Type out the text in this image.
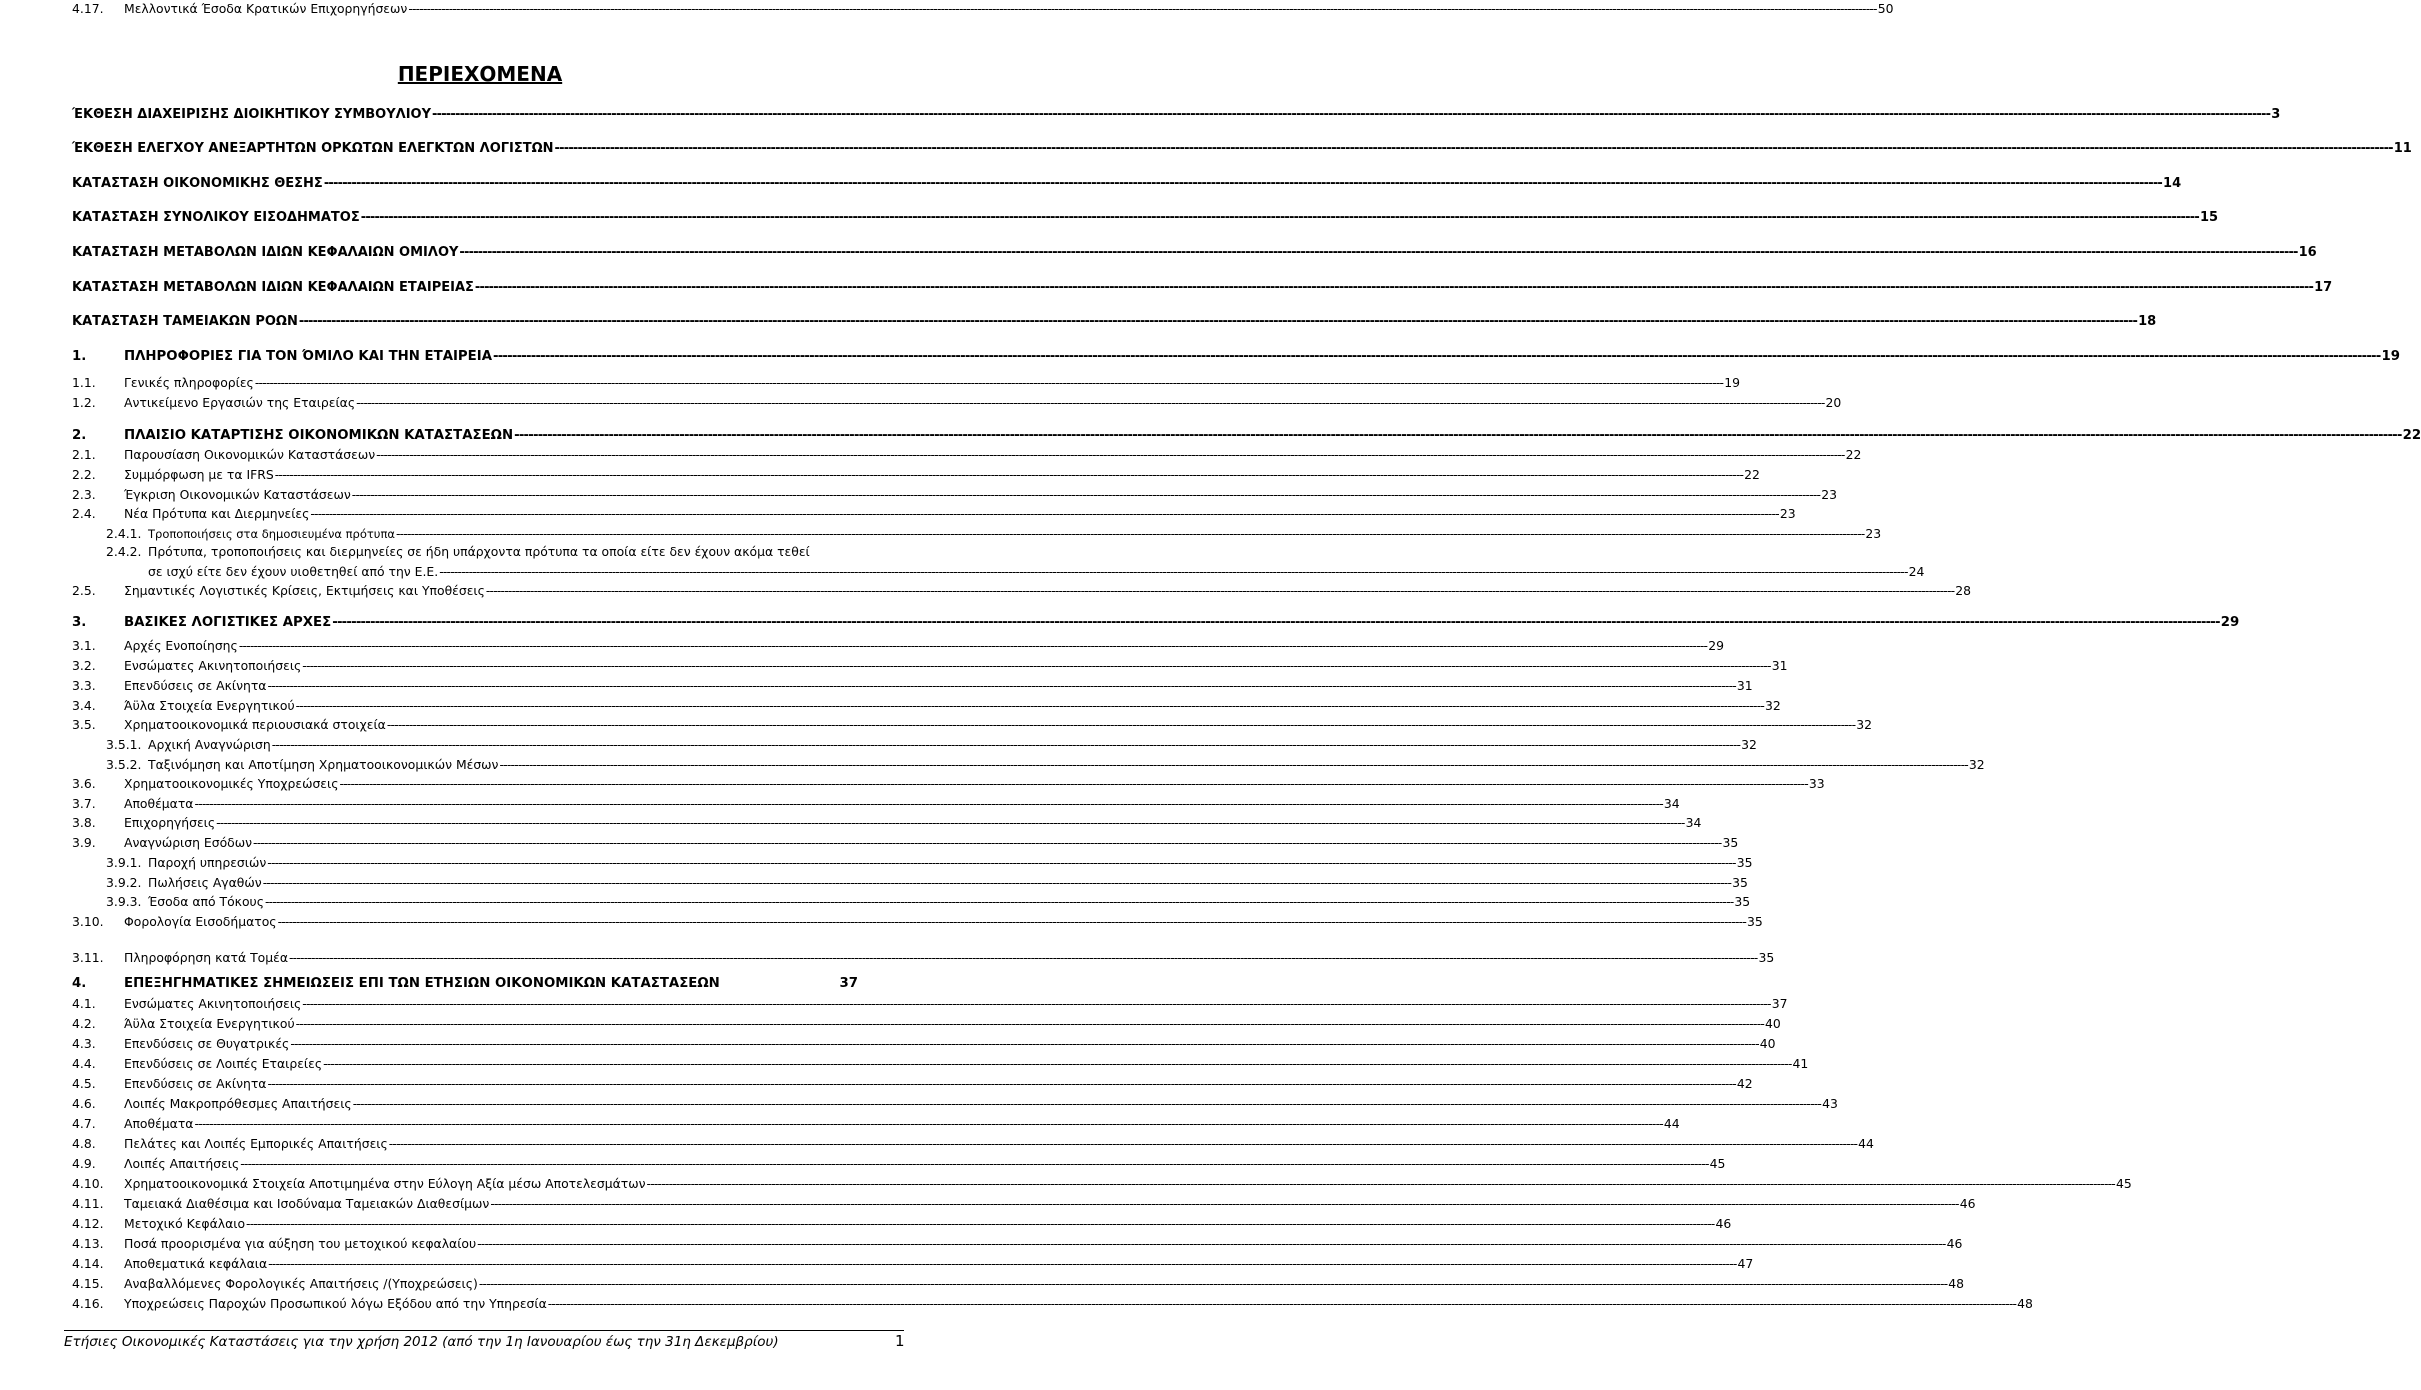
ΠΕΡΙΕΧΟΜΕΝΑ
ΈΚΘΕΣΗ ΔΙΑΧΕΙΡΙΣΗΣ ΔΙΟΙΚΗΤΙΚΟΥ ΣΥΜΒΟΥΛΙΟΥ ---------------------------------------------------------------------------------------------------------------------------------------------------------------------------------------------------------------------------------------------------------------------------------------------------------------------------------------------------------------------------------------------------------------- 3
ΈΚΘΕΣΗ ΕΛΕΓΧΟΥ ΑΝΕΞΑΡΤΗΤΩΝ ΟΡΚΩΤΩΝ ΕΛΕΓΚΤΩΝ ΛΟΓΙΣΤΩΝ ---------------------------------------------------------------------------------------------------------------------------------------------------------------------------------------------------------------------------------------------------------------------------------------------------------------------------------------------------------------------------------------------------------------- 11
ΚΑΤΑΣΤΑΣΗ ΟΙΚΟΝΟΜΙΚΗΣ ΘΕΣΗΣ ---------------------------------------------------------------------------------------------------------------------------------------------------------------------------------------------------------------------------------------------------------------------------------------------------------------------------------------------------------------------------------------------------------------- 14
ΚΑΤΑΣΤΑΣΗ ΣΥΝΟΛΙΚΟΥ ΕΙΣΟΔΗΜΑΤΟΣ ---------------------------------------------------------------------------------------------------------------------------------------------------------------------------------------------------------------------------------------------------------------------------------------------------------------------------------------------------------------------------------------------------------------- 15
ΚΑΤΑΣΤΑΣΗ ΜΕΤΑΒΟΛΩΝ ΙΔΙΩΝ ΚΕΦΑΛΑΙΩΝ ΟΜΙΛΟΥ ---------------------------------------------------------------------------------------------------------------------------------------------------------------------------------------------------------------------------------------------------------------------------------------------------------------------------------------------------------------------------------------------------------------- 16
ΚΑΤΑΣΤΑΣΗ ΜΕΤΑΒΟΛΩΝ ΙΔΙΩΝ ΚΕΦΑΛΑΙΩΝ ΕΤΑΙΡΕΙΑΣ ---------------------------------------------------------------------------------------------------------------------------------------------------------------------------------------------------------------------------------------------------------------------------------------------------------------------------------------------------------------------------------------------------------------- 17
ΚΑΤΑΣΤΑΣΗ ΤΑΜΕΙΑΚΩΝ ΡΟΩΝ ---------------------------------------------------------------------------------------------------------------------------------------------------------------------------------------------------------------------------------------------------------------------------------------------------------------------------------------------------------------------------------------------------------------- 18
1.	ΠΛΗΡΟΦΟΡΙΕΣ ΓΙΑ ΤΟΝ ΌΜΙΛΟ ΚΑΙ ΤΗΝ ΕΤΑΙΡΕΙΑ ---------------------------------------------------------------------------------------------------------------------------------------------------------------------------------------------------------------------------------------------------------------------------------------------------------------------------------------------------------------------------------------------------------------- 19
1.1.	Γενικές πληροφορίες ---------------------------------------------------------------------------------------------------------------------------------------------------------------------------------------------------------------------------------------------------------------------------------------------------------------------------------------------------------------------------------------------------------------- 19
1.2.	Αντικείμενο Εργασιών της Εταιρείας ---------------------------------------------------------------------------------------------------------------------------------------------------------------------------------------------------------------------------------------------------------------------------------------------------------------------------------------------------------------------------------------------------------------- 20
2.	ΠΛΑΙΣΙΟ ΚΑΤΑΡΤΙΣΗΣ ΟΙΚΟΝΟΜΙΚΩΝ ΚΑΤΑΣΤΑΣΕΩΝ ---------------------------------------------------------------------------------------------------------------------------------------------------------------------------------------------------------------------------------------------------------------------------------------------------------------------------------------------------------------------------------------------------------------- 22
2.1.	Παρουσίαση Οικονομικών Καταστάσεων ---------------------------------------------------------------------------------------------------------------------------------------------------------------------------------------------------------------------------------------------------------------------------------------------------------------------------------------------------------------------------------------------------------------- 22
2.2.	Συμμόρφωση με τα IFRS ---------------------------------------------------------------------------------------------------------------------------------------------------------------------------------------------------------------------------------------------------------------------------------------------------------------------------------------------------------------------------------------------------------------- 22
2.3.	Έγκριση Οικονομικών Καταστάσεων ---------------------------------------------------------------------------------------------------------------------------------------------------------------------------------------------------------------------------------------------------------------------------------------------------------------------------------------------------------------------------------------------------------------- 23
2.4.	Νέα Πρότυπα και Διερμηνείες ---------------------------------------------------------------------------------------------------------------------------------------------------------------------------------------------------------------------------------------------------------------------------------------------------------------------------------------------------------------------------------------------------------------- 23
2.4.1. Τροποποιήσεις στα δημοσιευμένα πρότυπα ---------------------------------------------------------------------------------------------------------------------------------------------------------------------------------------------------------------------------------------------------------------------------------------------------------------------------------------------------------------------------------------------------------------- 23
2.4.2. Πρότυπα, τροποποιήσεις και διερμηνείες σε ήδη υπάρχοντα πρότυπα τα οποία είτε δεν έχουν ακόμα τεθεί
σε ισχύ είτε δεν έχουν υιοθετηθεί από την Ε.Ε. ---------------------------------------------------------------------------------------------------------------------------------------------------------------------------------------------------------------------------------------------------------------------------------------------------------------------------------------------------------------------------------------------------------------- 24
2.5.	Σημαντικές Λογιστικές Κρίσεις, Εκτιμήσεις και Υποθέσεις ---------------------------------------------------------------------------------------------------------------------------------------------------------------------------------------------------------------------------------------------------------------------------------------------------------------------------------------------------------------------------------------------------------------- 28
3.	ΒΑΣΙΚΕΣ ΛΟΓΙΣΤΙΚΕΣ ΑΡΧΕΣ ---------------------------------------------------------------------------------------------------------------------------------------------------------------------------------------------------------------------------------------------------------------------------------------------------------------------------------------------------------------------------------------------------------------- 29
3.1.	Αρχές Ενοποίησης ---------------------------------------------------------------------------------------------------------------------------------------------------------------------------------------------------------------------------------------------------------------------------------------------------------------------------------------------------------------------------------------------------------------- 29
3.2.	Ενσώματες Ακινητοποιήσεις ---------------------------------------------------------------------------------------------------------------------------------------------------------------------------------------------------------------------------------------------------------------------------------------------------------------------------------------------------------------------------------------------------------------- 31
3.3.	Επενδύσεις σε Ακίνητα ---------------------------------------------------------------------------------------------------------------------------------------------------------------------------------------------------------------------------------------------------------------------------------------------------------------------------------------------------------------------------------------------------------------- 31
3.4.	Άϋλα Στοιχεία Ενεργητικού ---------------------------------------------------------------------------------------------------------------------------------------------------------------------------------------------------------------------------------------------------------------------------------------------------------------------------------------------------------------------------------------------------------------- 32
3.5.	Χρηματοοικονομικά περιουσιακά στοιχεία ---------------------------------------------------------------------------------------------------------------------------------------------------------------------------------------------------------------------------------------------------------------------------------------------------------------------------------------------------------------------------------------------------------------- 32
3.5.1. Αρχική Αναγνώριση ---------------------------------------------------------------------------------------------------------------------------------------------------------------------------------------------------------------------------------------------------------------------------------------------------------------------------------------------------------------------------------------------------------------- 32
3.5.2. Ταξινόμηση και Αποτίμηση Χρηματοοικονομικών Μέσων ---------------------------------------------------------------------------------------------------------------------------------------------------------------------------------------------------------------------------------------------------------------------------------------------------------------------------------------------------------------------------------------------------------------- 32
3.6.	Χρηματοοικονομικές Υποχρεώσεις ---------------------------------------------------------------------------------------------------------------------------------------------------------------------------------------------------------------------------------------------------------------------------------------------------------------------------------------------------------------------------------------------------------------- 33
3.7.	Αποθέματα ---------------------------------------------------------------------------------------------------------------------------------------------------------------------------------------------------------------------------------------------------------------------------------------------------------------------------------------------------------------------------------------------------------------- 34
3.8.	Επιχορηγήσεις ---------------------------------------------------------------------------------------------------------------------------------------------------------------------------------------------------------------------------------------------------------------------------------------------------------------------------------------------------------------------------------------------------------------- 34
3.9.	Αναγνώριση Εσόδων ---------------------------------------------------------------------------------------------------------------------------------------------------------------------------------------------------------------------------------------------------------------------------------------------------------------------------------------------------------------------------------------------------------------- 35
3.9.1. Παροχή υπηρεσιών ---------------------------------------------------------------------------------------------------------------------------------------------------------------------------------------------------------------------------------------------------------------------------------------------------------------------------------------------------------------------------------------------------------------- 35
3.9.2. Πωλήσεις Αγαθών ---------------------------------------------------------------------------------------------------------------------------------------------------------------------------------------------------------------------------------------------------------------------------------------------------------------------------------------------------------------------------------------------------------------- 35
3.9.3. Έσοδα από Τόκους ---------------------------------------------------------------------------------------------------------------------------------------------------------------------------------------------------------------------------------------------------------------------------------------------------------------------------------------------------------------------------------------------------------------- 35
3.10.	Φορολογία Εισοδήματος ---------------------------------------------------------------------------------------------------------------------------------------------------------------------------------------------------------------------------------------------------------------------------------------------------------------------------------------------------------------------------------------------------------------- 35
3.11.	Πληροφόρηση κατά Τομέα ---------------------------------------------------------------------------------------------------------------------------------------------------------------------------------------------------------------------------------------------------------------------------------------------------------------------------------------------------------------------------------------------------------------- 35
4.	ΕΠΕΞΗΓΗΜΑΤΙΚΕΣ ΣΗΜΕΙΩΣΕΙΣ ΕΠΙ ΤΩΝ ΕΤΗΣΙΩΝ ΟΙΚΟΝΟΜΙΚΩΝ ΚΑΤΑΣΤΑΣΕΩΝ	37
4.1.	Ενσώματες Ακινητοποιήσεις ---------------------------------------------------------------------------------------------------------------------------------------------------------------------------------------------------------------------------------------------------------------------------------------------------------------------------------------------------------------------------------------------------------------- 37
4.2.	Άϋλα Στοιχεία Ενεργητικού ---------------------------------------------------------------------------------------------------------------------------------------------------------------------------------------------------------------------------------------------------------------------------------------------------------------------------------------------------------------------------------------------------------------- 40
4.3.	Επενδύσεις σε Θυγατρικές ---------------------------------------------------------------------------------------------------------------------------------------------------------------------------------------------------------------------------------------------------------------------------------------------------------------------------------------------------------------------------------------------------------------- 40
4.4.	Επενδύσεις σε Λοιπές Εταιρείες ---------------------------------------------------------------------------------------------------------------------------------------------------------------------------------------------------------------------------------------------------------------------------------------------------------------------------------------------------------------------------------------------------------------- 41
4.5.	Επενδύσεις σε Ακίνητα ---------------------------------------------------------------------------------------------------------------------------------------------------------------------------------------------------------------------------------------------------------------------------------------------------------------------------------------------------------------------------------------------------------------- 42
4.6.	Λοιπές Μακροπρόθεσμες Απαιτήσεις ---------------------------------------------------------------------------------------------------------------------------------------------------------------------------------------------------------------------------------------------------------------------------------------------------------------------------------------------------------------------------------------------------------------- 43
4.7.	Αποθέματα ---------------------------------------------------------------------------------------------------------------------------------------------------------------------------------------------------------------------------------------------------------------------------------------------------------------------------------------------------------------------------------------------------------------- 44
4.8.	Πελάτες και Λοιπές Εμπορικές Απαιτήσεις ---------------------------------------------------------------------------------------------------------------------------------------------------------------------------------------------------------------------------------------------------------------------------------------------------------------------------------------------------------------------------------------------------------------- 44
4.9.	Λοιπές Απαιτήσεις ---------------------------------------------------------------------------------------------------------------------------------------------------------------------------------------------------------------------------------------------------------------------------------------------------------------------------------------------------------------------------------------------------------------- 45
4.10.	Χρηματοοικονομικά Στοιχεία Αποτιμημένα στην Εύλογη Αξία μέσω Αποτελεσμάτων ---------------------------------------------------------------------------------------------------------------------------------------------------------------------------------------------------------------------------------------------------------------------------------------------------------------------------------------------------------------------------------------------------------------- 45
4.11.	Ταμειακά Διαθέσιμα και Ισοδύναμα Ταμειακών Διαθεσίμων ---------------------------------------------------------------------------------------------------------------------------------------------------------------------------------------------------------------------------------------------------------------------------------------------------------------------------------------------------------------------------------------------------------------- 46
4.12.	Μετοχικό Κεφάλαιο ---------------------------------------------------------------------------------------------------------------------------------------------------------------------------------------------------------------------------------------------------------------------------------------------------------------------------------------------------------------------------------------------------------------- 46
4.13.	Ποσά προορισμένα για αύξηση του μετοχικού κεφαλαίου ---------------------------------------------------------------------------------------------------------------------------------------------------------------------------------------------------------------------------------------------------------------------------------------------------------------------------------------------------------------------------------------------------------------- 46
4.14.	Αποθεματικά κεφάλαια ---------------------------------------------------------------------------------------------------------------------------------------------------------------------------------------------------------------------------------------------------------------------------------------------------------------------------------------------------------------------------------------------------------------- 47
4.15.	Αναβαλλόμενες Φορολογικές Απαιτήσεις /(Υποχρεώσεις) ---------------------------------------------------------------------------------------------------------------------------------------------------------------------------------------------------------------------------------------------------------------------------------------------------------------------------------------------------------------------------------------------------------------- 48
4.16.	Υποχρεώσεις Παροχών Προσωπικού λόγω Εξόδου από την Υπηρεσία ---------------------------------------------------------------------------------------------------------------------------------------------------------------------------------------------------------------------------------------------------------------------------------------------------------------------------------------------------------------------------------------------------------------- 48
4.17.	Μελλοντικά Έσοδα Κρατικών Επιχορηγήσεων ---------------------------------------------------------------------------------------------------------------------------------------------------------------------------------------------------------------------------------------------------------------------------------------------------------------------------------------------------------------------------------------------------------------- 50
Ετήσιες Οικονομικές Καταστάσεις για την χρήση 2012 (από την 1η Ιανουαρίου έως την 31η Δεκεμβρίου)	1
